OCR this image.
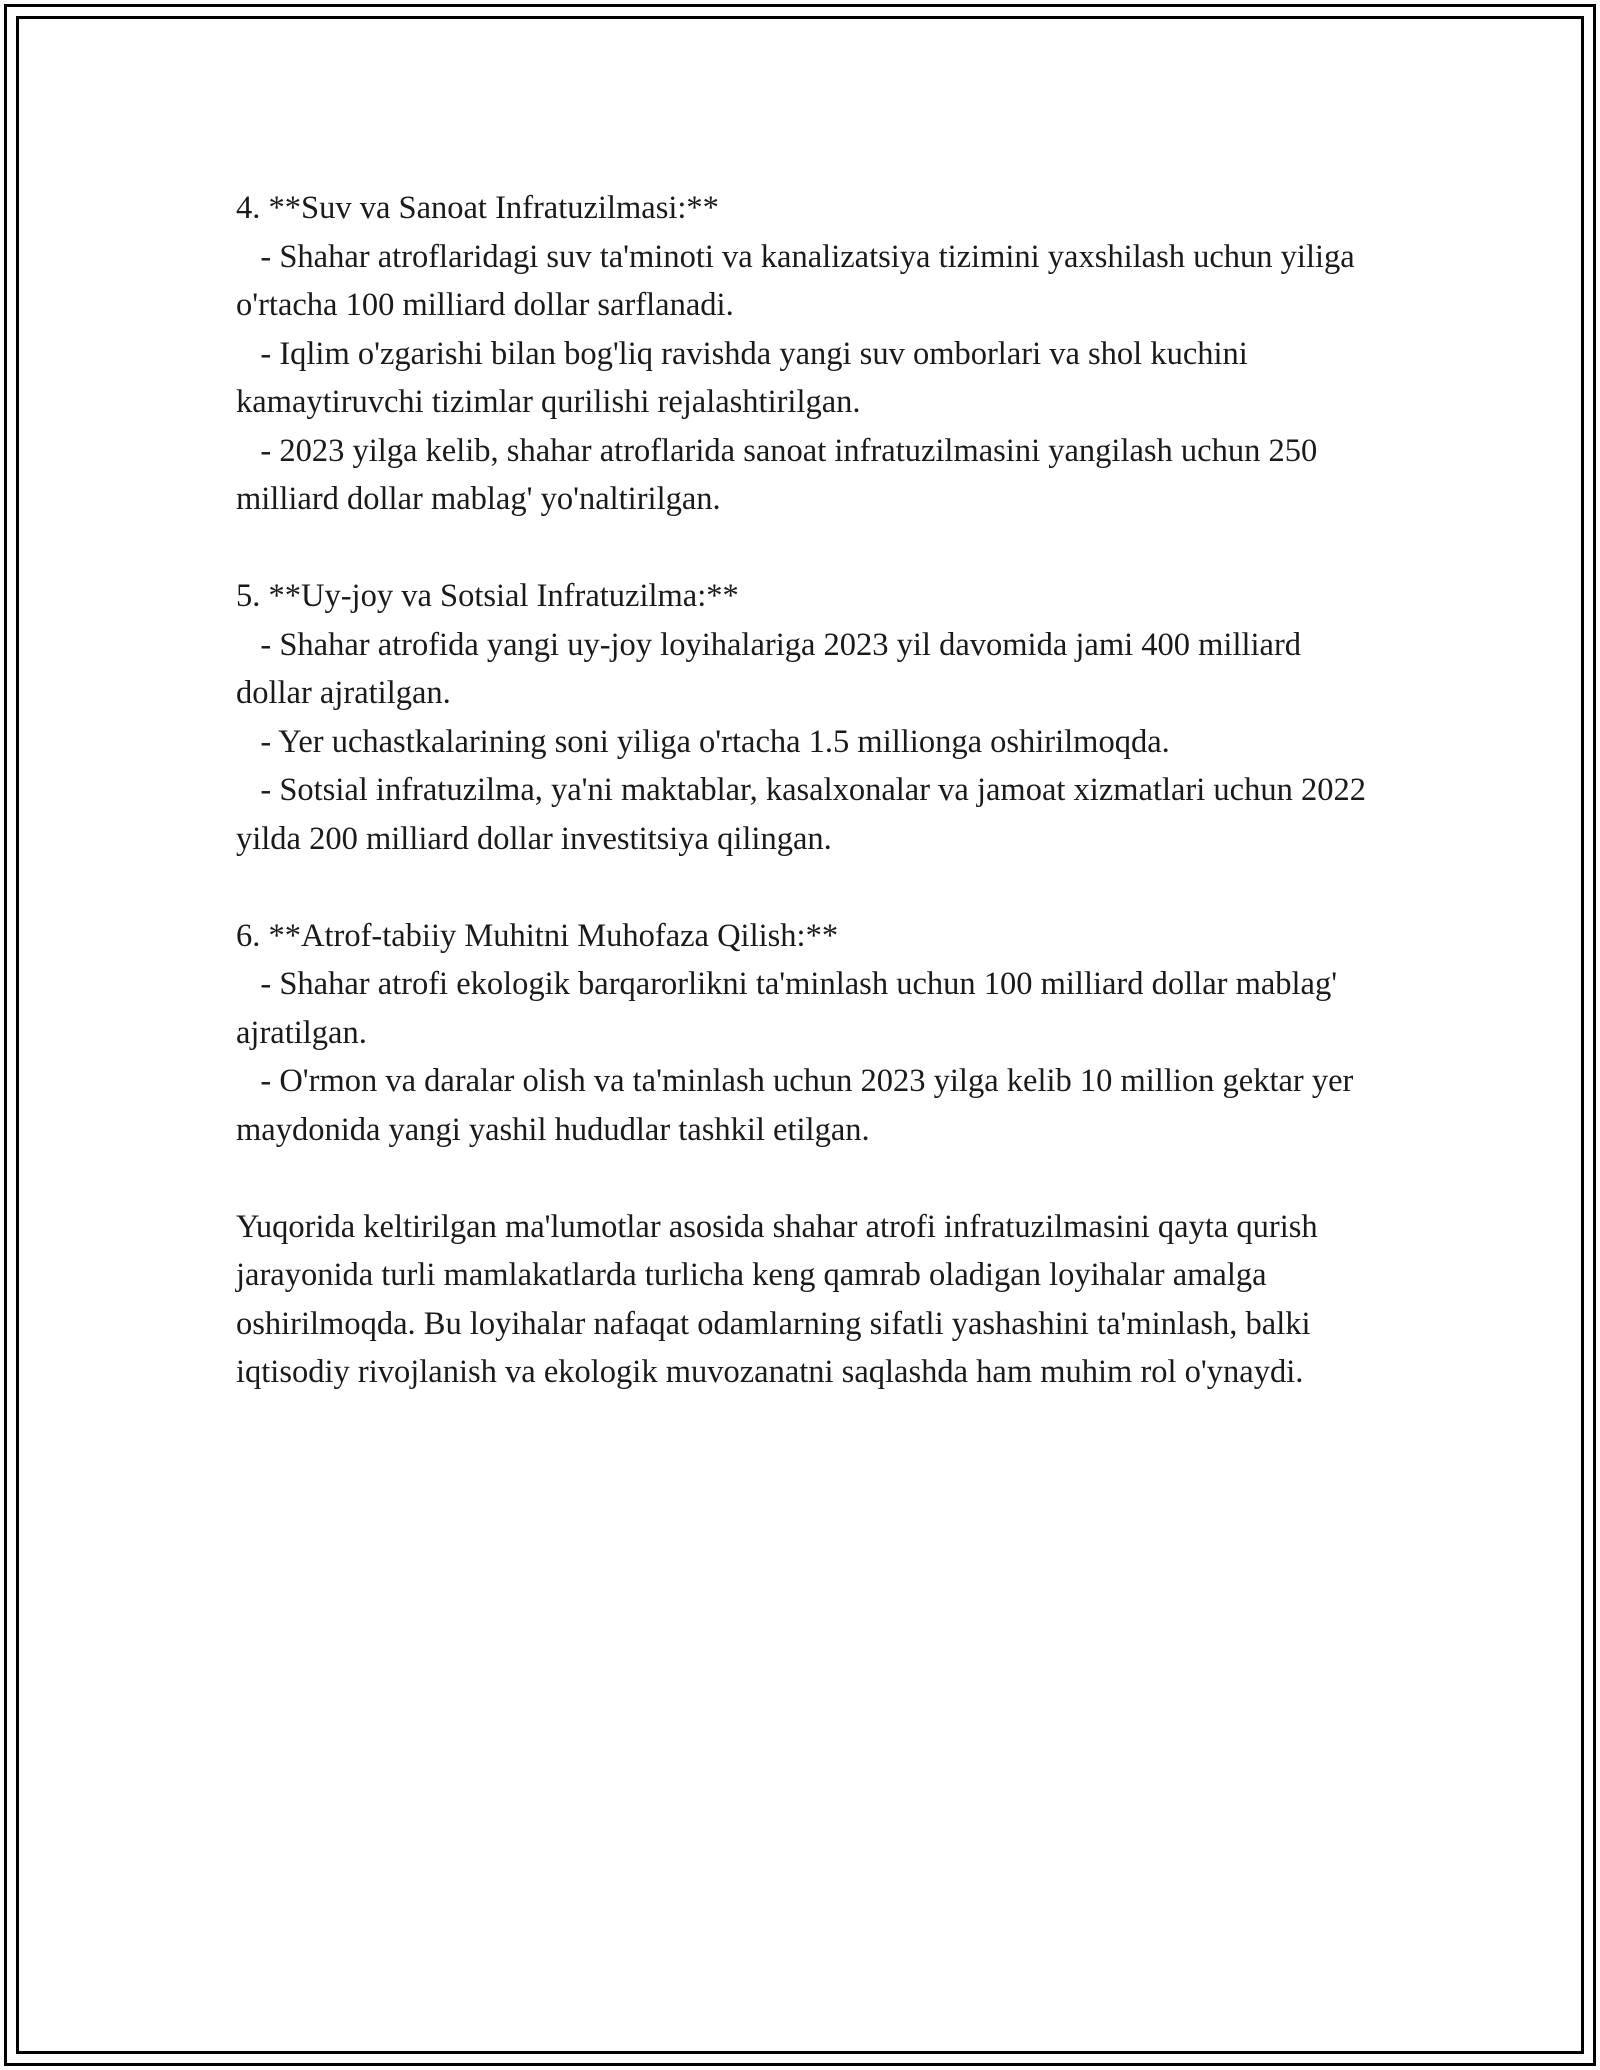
4. **Suv va Sanoat Infratuzilmasi:**

- Shahar atroflaridagi suv ta'minoti va kanalizatsiya tizimini yaxshilash uchun yiliga o'rtacha 100 milliard dollar sarflanadi.

- Iqlim o'zgarishi bilan bog'liq ravishda yangi suv omborlari va shol kuchini kamaytiruvchi tizimlar qurilishi rejalashtirilgan.

- 2023 yilga kelib, shahar atroflarida sanoat infratuzilmasini yangilash uchun 250 milliard dollar mablag' yo'naltirilgan.

5. **Uy-joy va Sotsial Infratuzilma:**

- Shahar atrofida yangi uy-joy loyihalariga 2023 yil davomida jami 400 milliard dollar ajratilgan.

- Yer uchastkalarining soni yiliga o'rtacha 1.5 millionga oshirilmoqda.

- Sotsial infratuzilma, ya'ni maktablar, kasalxonalar va jamoat xizmatlari uchun 2022 yilda 200 milliard dollar investitsiya qilingan.

6. **Atrof-tabiiy Muhitni Muhofaza Qilish:**

- Shahar atrofi ekologik barqarorlikni ta'minlash uchun 100 milliard dollar mablag' ajratilgan.

- O'rmon va daralar olish va ta'minlash uchun 2023 yilga kelib 10 million gektar yer maydonida yangi yashil hududlar tashkil etilgan.

Yuqorida keltirilgan ma'lumotlar asosida shahar atrofi infratuzilmasini qayta qurish jarayonida turli mamlakatlarda turlicha keng qamrab oladigan loyihalar amalga oshirilmoqda. Bu loyihalar nafaqat odamlarning sifatli yashashini ta'minlash, balki iqtisodiy rivojlanish va ekologik muvozanatni saqlashda ham muhim rol o'ynaydi.
